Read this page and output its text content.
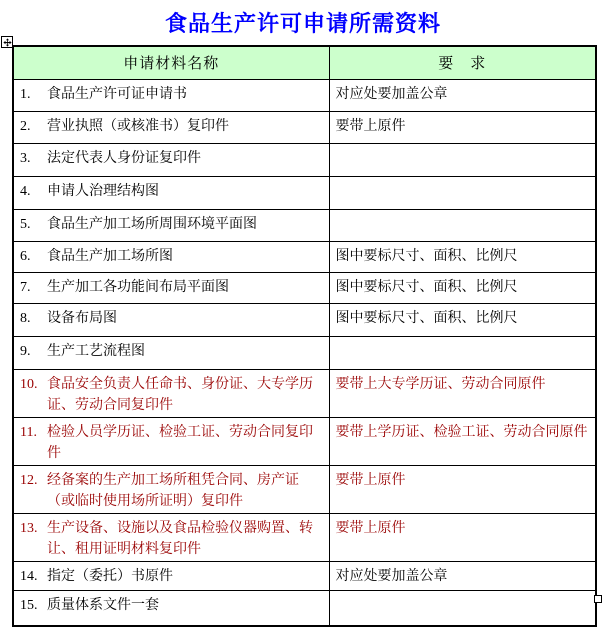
食品生产许可申请所需资料
申请材料名称	要　求

1. 食品生产许可证申请书	对应处要加盖公章

2. 营业执照（或核准书）复印件	要带上原件

3. 法定代表人身份证复印件	

4. 申请人治理结构图	

5. 食品生产加工场所周围环境平面图	

6. 食品生产加工场所图	图中要标尺寸、面积、比例尺

7. 生产加工各功能间布局平面图	图中要标尺寸、面积、比例尺

8. 设备布局图	图中要标尺寸、面积、比例尺

9. 生产工艺流程图	

10. 食品安全负责人任命书、身份证、大专学历证、劳动合同复印件	要带上大专学历证、劳动合同原件

11. 检验人员学历证、检验工证、劳动合同复印件	要带上学历证、检验工证、劳动合同原件

12. 经备案的生产加工场所租凭合同、房产证（或临时使用场所证明）复印件	要带上原件

13. 生产设备、设施以及食品检验仪器购置、转让、租用证明材料复印件	要带上原件

14. 指定（委托）书原件	对应处要加盖公章

15. 质量体系文件一套	
